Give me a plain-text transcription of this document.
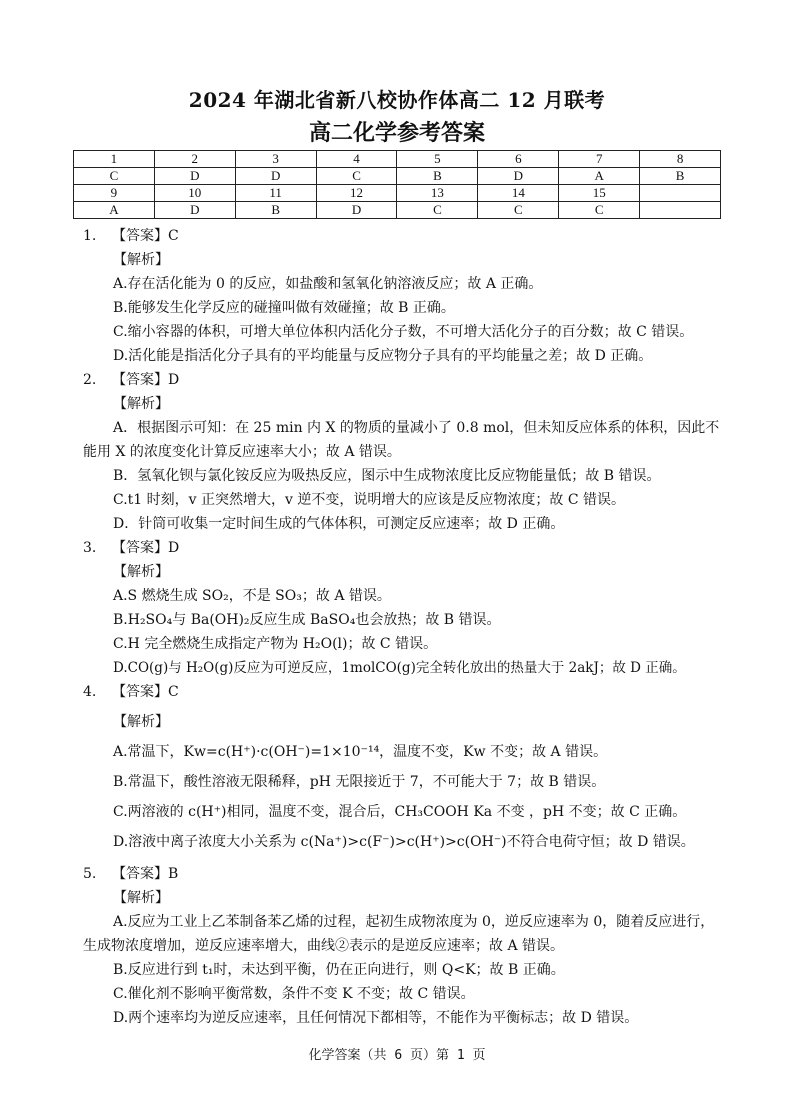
2024 年湖北省新八校协作体高二 12 月联考
高二化学参考答案
1	2	3	4	5	6	7	8
C	D	D	C	B	D	A	B
9	10	11	12	13	14	15	
A	D	B	D	C	C	C	
1. 【答案】C
【解析】
A.存在活化能为 0 的反应，如盐酸和氢氧化钠溶液反应；故 A 正确。
B.能够发生化学反应的碰撞叫做有效碰撞；故 B 正确。
C.缩小容器的体积，可增大单位体积内活化分子数，不可增大活化分子的百分数；故 C 错误。
D.活化能是指活化分子具有的平均能量与反应物分子具有的平均能量之差；故 D 正确。
2. 【答案】D
【解析】
A．根据图示可知：在 25 min 内 X 的物质的量减小了 0.8 mol，但未知反应体系的体积，因此不能用 X 的浓度变化计算反应速率大小；故 A 错误。
B．氢氧化钡与氯化铵反应为吸热反应，图示中生成物浓度比反应物能量低；故 B 错误。
C.t1 时刻，v 正突然增大，v 逆不变，说明增大的应该是反应物浓度；故 C 错误。
D．针筒可收集一定时间生成的气体体积，可测定反应速率；故 D 正确。
3. 【答案】D
【解析】
A.S 燃烧生成 SO₂，不是 SO₃；故 A 错误。
B.H₂SO₄与 Ba(OH)₂反应生成 BaSO₄也会放热；故 B 错误。
C.H 完全燃烧生成指定产物为 H₂O(l)；故 C 错误。
D.CO(g)与 H₂O(g)反应为可逆反应，1molCO(g)完全转化放出的热量大于 2akJ；故 D 正确。
4. 【答案】C
【解析】
A.常温下，Kw=c(H⁺)·c(OH⁻)=1×10⁻¹⁴，温度不变，Kw 不变；故 A 错误。
B.常温下，酸性溶液无限稀释，pH 无限接近于 7，不可能大于 7；故 B 错误。
C.两溶液的 c(H⁺)相同，温度不变，混合后，CH₃COOH Ka 不变 ，pH 不变；故 C 正确。
D.溶液中离子浓度大小关系为 c(Na⁺)>c(F⁻)>c(H⁺)>c(OH⁻)不符合电荷守恒；故 D 错误。
5. 【答案】B
【解析】
A.反应为工业上乙苯制备苯乙烯的过程，起初生成物浓度为 0，逆反应速率为 0，随着反应进行，生成物浓度增加，逆反应速率增大，曲线②表示的是逆反应速率；故 A 错误。
B.反应进行到 t₁时，未达到平衡，仍在正向进行，则 Q<K；故 B 正确。
C.催化剂不影响平衡常数，条件不变 K 不变；故 C 错误。
D.两个速率均为逆反应速率，且任何情况下都相等，不能作为平衡标志；故 D 错误。
化学答案（共 6 页）第 1 页
